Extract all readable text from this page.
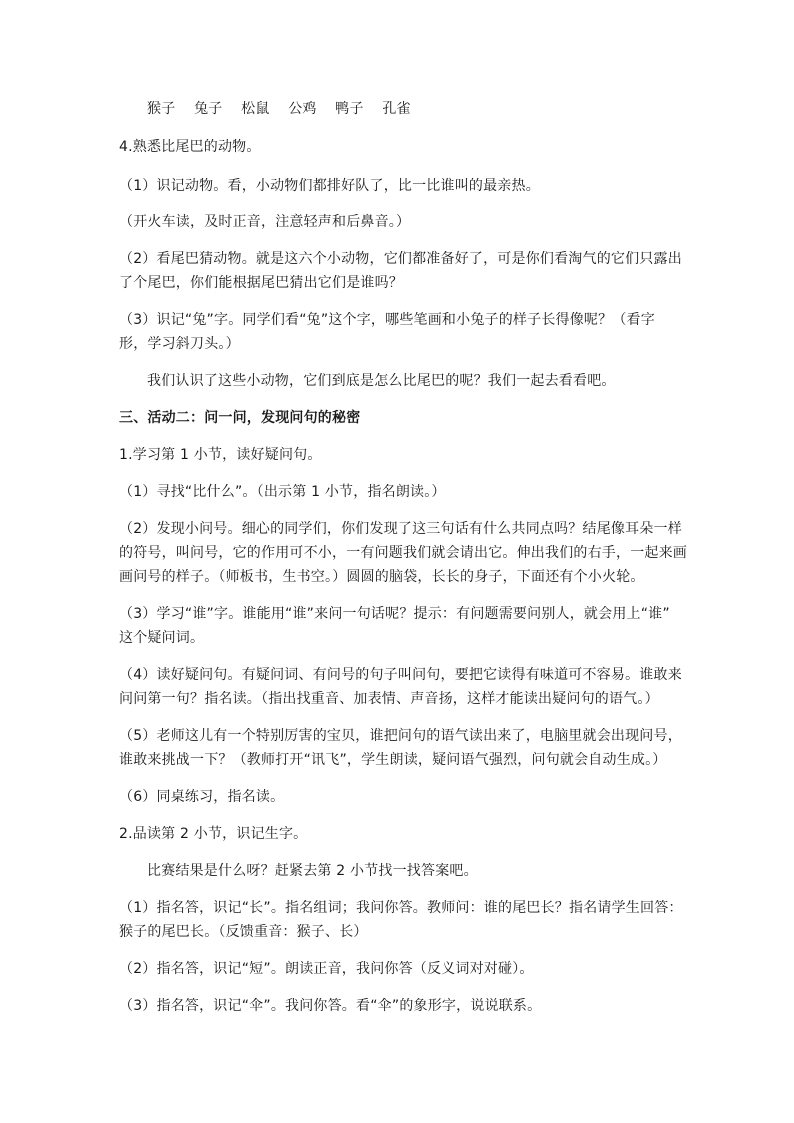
猴子 兔子 松鼠 公鸡 鸭子 孔雀
4.熟悉比尾巴的动物。
（1）识记动物。看，小动物们都排好队了，比一比谁叫的最亲热。
（开火车读，及时正音，注意轻声和后鼻音。）
（2）看尾巴猜动物。就是这六个小动物，它们都准备好了，可是你们看淘气的它们只露出
了个尾巴，你们能根据尾巴猜出它们是谁吗？
（3）识记“兔”字。同学们看“兔”这个字，哪些笔画和小兔子的样子长得像呢？（看字
形，学习斜刀头。）
我们认识了这些小动物，它们到底是怎么比尾巴的呢？我们一起去看看吧。
三、活动二：问一问，发现问句的秘密
1.学习第 1 小节，读好疑问句。
（1）寻找“比什么”。（出示第 1 小节，指名朗读。）
（2）发现小问号。细心的同学们，你们发现了这三句话有什么共同点吗？结尾像耳朵一样
的符号，叫问号，它的作用可不小，一有问题我们就会请出它。伸出我们的右手，一起来画
画问号的样子。（师板书，生书空。）圆圆的脑袋，长长的身子，下面还有个小火轮。
（3）学习“谁”字。谁能用“谁”来问一句话呢？提示：有问题需要问别人，就会用上“谁”
这个疑问词。
（4）读好疑问句。有疑问词、有问号的句子叫问句，要把它读得有味道可不容易。谁敢来
问问第一句？指名读。（指出找重音、加表情、声音扬，这样才能读出疑问句的语气。）
（5）老师这儿有一个特别厉害的宝贝，谁把问句的语气读出来了，电脑里就会出现问号，
谁敢来挑战一下？（教师打开“讯飞”，学生朗读，疑问语气强烈，问句就会自动生成。）
（6）同桌练习，指名读。
2.品读第 2 小节，识记生字。
比赛结果是什么呀？赶紧去第 2 小节找一找答案吧。
（1）指名答，识记“长”。指名组词；我问你答。教师问：谁的尾巴长？指名请学生回答：
猴子的尾巴长。（反馈重音：猴子、长）
（2）指名答，识记“短”。朗读正音，我问你答（反义词对对碰）。
（3）指名答，识记“伞”。我问你答。看“伞”的象形字，说说联系。
